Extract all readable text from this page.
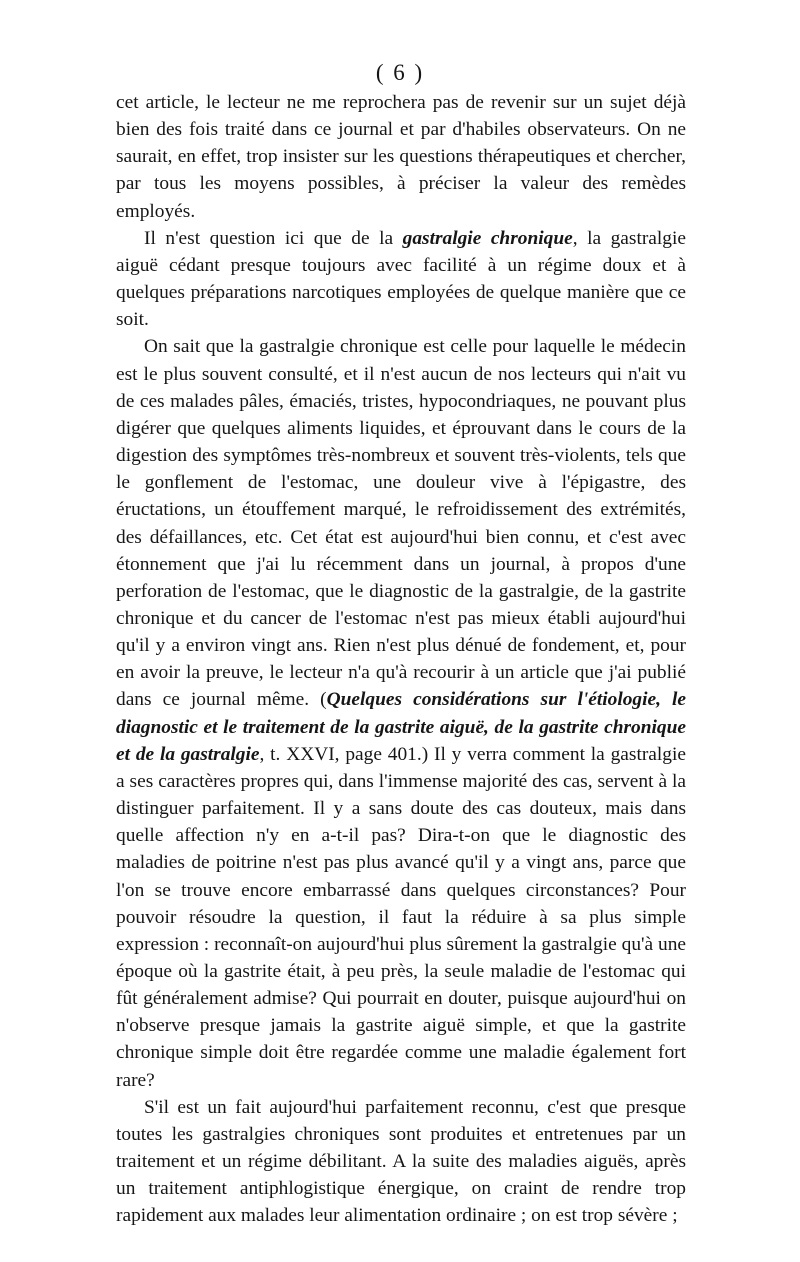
( 6 )

cet article, le lecteur ne me reprochera pas de revenir sur un sujet déjà bien des fois traité dans ce journal et par d'habiles observateurs. On ne saurait, en effet, trop insister sur les questions thérapeutiques et chercher, par tous les moyens possibles, à préciser la valeur des remèdes employés.

Il n'est question ici que de la gastralgie chronique, la gastralgie aiguë cédant presque toujours avec facilité à un régime doux et à quelques préparations narcotiques employées de quelque manière que ce soit.

On sait que la gastralgie chronique est celle pour laquelle le médecin est le plus souvent consulté, et il n'est aucun de nos lecteurs qui n'ait vu de ces malades pâles, émaciés, tristes, hypocondriaques, ne pouvant plus digérer que quelques aliments liquides, et éprouvant dans le cours de la digestion des symptômes très-nombreux et souvent très-violents, tels que le gonflement de l'estomac, une douleur vive à l'épigastre, des éructations, un étouffement marqué, le refroidissement des extrémités, des défaillances, etc. Cet état est aujourd'hui bien connu, et c'est avec étonnement que j'ai lu récemment dans un journal, à propos d'une perforation de l'estomac, que le diagnostic de la gastralgie, de la gastrite chronique et du cancer de l'estomac n'est pas mieux établi aujourd'hui qu'il y a environ vingt ans. Rien n'est plus dénué de fondement, et, pour en avoir la preuve, le lecteur n'a qu'à recourir à un article que j'ai publié dans ce journal même. (Quelques considérations sur l'étiologie, le diagnostic et le traitement de la gastrite aiguë, de la gastrite chronique et de la gastralgie, t. XXVI, page 401.) Il y verra comment la gastralgie a ses caractères propres qui, dans l'immense majorité des cas, servent à la distinguer parfaitement. Il y a sans doute des cas douteux, mais dans quelle affection n'y en a-t-il pas? Dira-t-on que le diagnostic des maladies de poitrine n'est pas plus avancé qu'il y a vingt ans, parce que l'on se trouve encore embarrassé dans quelques circonstances? Pour pouvoir résoudre la question, il faut la réduire à sa plus simple expression : reconnaît-on aujourd'hui plus sûrement la gastralgie qu'à une époque où la gastrite était, à peu près, la seule maladie de l'estomac qui fût généralement admise? Qui pourrait en douter, puisque aujourd'hui on n'observe presque jamais la gastrite aiguë simple, et que la gastrite chronique simple doit être regardée comme une maladie également fort rare?

S'il est un fait aujourd'hui parfaitement reconnu, c'est que presque toutes les gastralgies chroniques sont produites et entretenues par un traitement et un régime débilitant. A la suite des maladies aiguës, après un traitement antiphlogistique énergique, on craint de rendre trop rapidement aux malades leur alimentation ordinaire ; on est trop sévère ;
